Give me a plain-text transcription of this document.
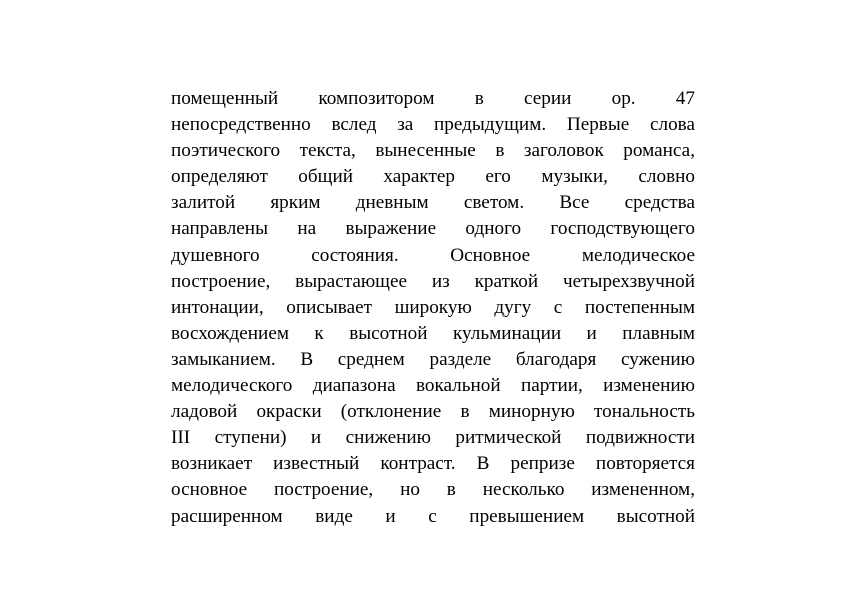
помещенный композитором в серии ор. 47
непосредственно вслед за предыдущим. Первые слова
поэтического текста, вынесенные в заголовок романса,
определяют общий характер его музыки, словно
залитой ярким дневным светом. Все средства
направлены на выражение одного господствующего
душевного состояния. Основное мелодическое
построение, вырастающее из краткой четырехзвучной
интонации, описывает широкую дугу с постепенным
восхождением к высотной кульминации и плавным
замыканием. В среднем разделе благодаря сужению
мелодического диапазона вокальной партии, изменению
ладовой окраски (отклонение в минорную тональность
III ступени) и снижению ритмической подвижности
возникает известный контраст. В репризе повторяется
основное построение, но в несколько измененном,
расширенном виде и с превышением высотной
